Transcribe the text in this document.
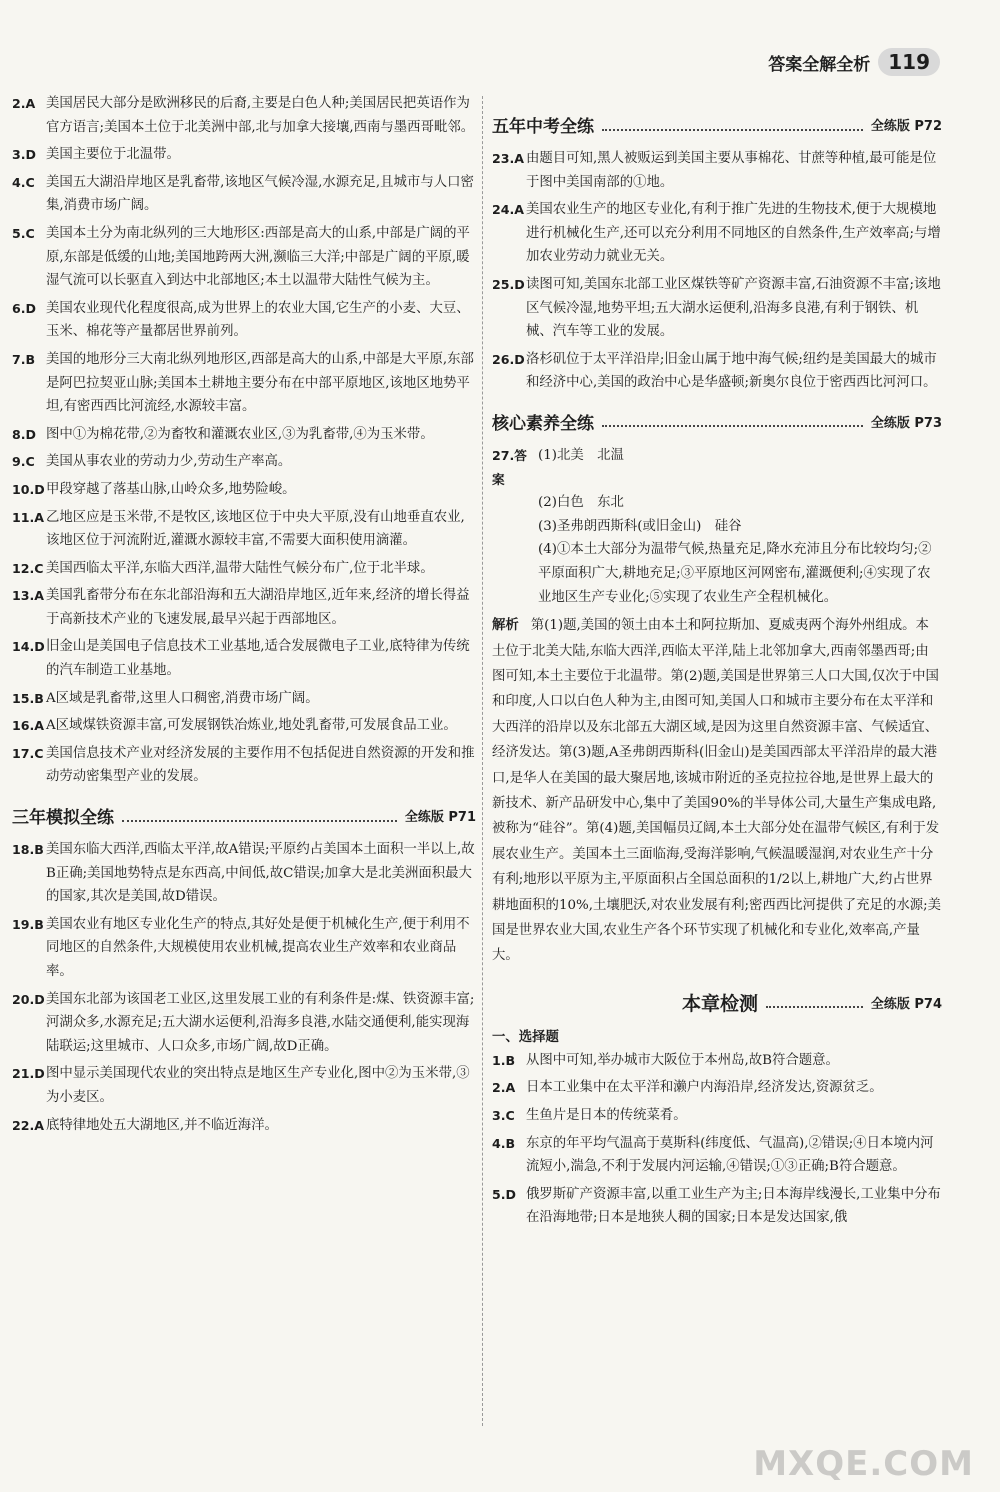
答案全解全析 119
2.A 美国居民大部分是欧洲移民的后裔,主要是白色人种;美国居民把英语作为官方语言;美国本土位于北美洲中部,北与加拿大接壤,西南与墨西哥毗邻。
3.D 美国主要位于北温带。
4.C 美国五大湖沿岸地区是乳畜带,该地区气候冷湿,水源充足,且城市与人口密集,消费市场广阔。
5.C 美国本土分为南北纵列的三大地形区:西部是高大的山系,中部是广阔的平原,东部是低缓的山地;美国地跨两大洲,濒临三大洋;中部是广阔的平原,暖湿气流可以长驱直入到达中北部地区;本土以温带大陆性气候为主。
6.D 美国农业现代化程度很高,成为世界上的农业大国,它生产的小麦、大豆、玉米、棉花等产量都居世界前列。
7.B 美国的地形分三大南北纵列地形区,西部是高大的山系,中部是大平原,东部是阿巴拉契亚山脉;美国本土耕地主要分布在中部平原地区,该地区地势平坦,有密西西比河流经,水源较丰富。
8.D 图中①为棉花带,②为畜牧和灌溉农业区,③为乳畜带,④为玉米带。
9.C 美国从事农业的劳动力少,劳动生产率高。
10.D 甲段穿越了落基山脉,山岭众多,地势险峻。
11.A 乙地区应是玉米带,不是牧区,该地区位于中央大平原,没有山地垂直农业,该地区位于河流附近,灌溉水源较丰富,不需要大面积使用滴灌。
12.C 美国西临太平洋,东临大西洋,温带大陆性气候分布广,位于北半球。
13.A 美国乳畜带分布在东北部沿海和五大湖沿岸地区,近年来,经济的增长得益于高新技术产业的飞速发展,最早兴起于西部地区。
14.D 旧金山是美国电子信息技术工业基地,适合发展微电子工业,底特律为传统的汽车制造工业基地。
15.B A区域是乳畜带,这里人口稠密,消费市场广阔。
16.A A区域煤铁资源丰富,可发展钢铁冶炼业,地处乳畜带,可发展食品工业。
17.C 美国信息技术产业对经济发展的主要作用不包括促进自然资源的开发和推动劳动密集型产业的发展。
三年模拟全练	全练版 P71
18.B 美国东临大西洋,西临太平洋,故A错误;平原约占美国本土面积一半以上,故B正确;美国地势特点是东西高,中间低,故C错误;加拿大是北美洲面积最大的国家,其次是美国,故D错误。
19.B 美国农业有地区专业化生产的特点,其好处是便于机械化生产,便于利用不同地区的自然条件,大规模使用农业机械,提高农业生产效率和农业商品率。
20.D 美国东北部为该国老工业区,这里发展工业的有利条件是:煤、铁资源丰富;河湖众多,水源充足;五大湖水运便利,沿海多良港,水陆交通便利,能实现海陆联运;这里城市、人口众多,市场广阔,故D正确。
21.D 图中显示美国现代农业的突出特点是地区生产专业化,图中②为玉米带,③为小麦区。
22.A 底特律地处五大湖地区,并不临近海洋。
五年中考全练	全练版 P72
23.A 由题目可知,黑人被贩运到美国主要从事棉花、甘蔗等种植,最可能是位于图中美国南部的①地。
24.A 美国农业生产的地区专业化,有利于推广先进的生物技术,便于大规模地进行机械化生产,还可以充分利用不同地区的自然条件,生产效率高;与增加农业劳动力就业无关。
25.D 读图可知,美国东北部工业区煤铁等矿产资源丰富,石油资源不丰富;该地区气候冷湿,地势平坦;五大湖水运便利,沿海多良港,有利于钢铁、机械、汽车等工业的发展。
26.D 洛杉矶位于太平洋沿岸;旧金山属于地中海气候;纽约是美国最大的城市和经济中心,美国的政治中心是华盛顿;新奥尔良位于密西西比河河口。
核心素养全练	全练版 P73
27.答案
(1)北美　北温
(2)白色　东北
(3)圣弗朗西斯科(或旧金山)　硅谷
(4)①本土大部分为温带气候,热量充足,降水充沛且分布比较均匀;②平原面积广大,耕地充足;③平原地区河网密布,灌溉便利;④实现了农业地区生产专业化;⑤实现了农业生产全程机械化。
解析 第(1)题,美国的领土由本土和阿拉斯加、夏威夷两个海外州组成。本土位于北美大陆,东临大西洋,西临太平洋,陆上北邻加拿大,西南邻墨西哥;由图可知,本土主要位于北温带。第(2)题,美国是世界第三人口大国,仅次于中国和印度,人口以白色人种为主,由图可知,美国人口和城市主要分布在太平洋和大西洋的沿岸以及东北部五大湖区域,是因为这里自然资源丰富、气候适宜、经济发达。第(3)题,A圣弗朗西斯科(旧金山)是美国西部太平洋沿岸的最大港口,是华人在美国的最大聚居地,该城市附近的圣克拉拉谷地,是世界上最大的新技术、新产品研发中心,集中了美国90%的半导体公司,大量生产集成电路,被称为“硅谷”。第(4)题,美国幅员辽阔,本土大部分处在温带气候区,有利于发展农业生产。美国本土三面临海,受海洋影响,气候温暖湿润,对农业生产十分有利;地形以平原为主,平原面积占全国总面积的1/2以上,耕地广大,约占世界耕地面积的10%,土壤肥沃,对农业发展有利;密西西比河提供了充足的水源;美国是世界农业大国,农业生产各个环节实现了机械化和专业化,效率高,产量大。
本章检测	全练版 P74
一、选择题
1.B 从图中可知,举办城市大阪位于本州岛,故B符合题意。
2.A 日本工业集中在太平洋和濑户内海沿岸,经济发达,资源贫乏。
3.C 生鱼片是日本的传统菜肴。
4.B 东京的年平均气温高于莫斯科(纬度低、气温高),②错误;④日本境内河流短小,湍急,不利于发展内河运输,④错误;①③正确;B符合题意。
5.D 俄罗斯矿产资源丰富,以重工业生产为主;日本海岸线漫长,工业集中分布在沿海地带;日本是地狭人稠的国家;日本是发达国家,俄
MXQE.COM
